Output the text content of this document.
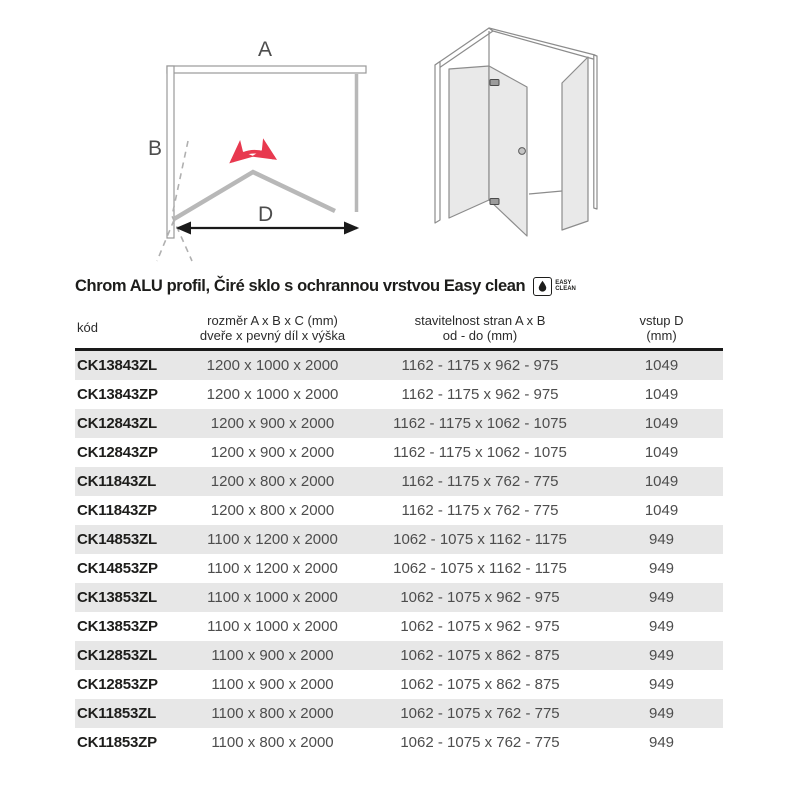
A
B
D
Chrom ALU profil, Čiré sklo s ochrannou vrstvou Easy clean	EASY
CLEAN
kód

rozměr A x B x C (mm)
dveře x pevný díl x výška

stavitelnost stran A x B
od - do (mm)

vstup D
(mm)

CK13843ZL	1200 x 1000 x 2000	1162 - 1175 x 962 - 975	1049
CK13843ZP	1200 x 1000 x 2000	1162 - 1175 x 962 - 975	1049
CK12843ZL	1200 x 900 x 2000	1162 - 1175 x 1062 - 1075	1049
CK12843ZP	1200 x 900 x 2000	1162 - 1175 x 1062 - 1075	1049
CK11843ZL	1200 x 800 x 2000	1162 - 1175 x 762 - 775	1049
CK11843ZP	1200 x 800 x 2000	1162 - 1175 x 762 - 775	1049
CK14853ZL	1100 x 1200 x 2000	1062 - 1075 x 1162 - 1175	949
CK14853ZP	1100 x 1200 x 2000	1062 - 1075 x 1162 - 1175	949
CK13853ZL	1100 x 1000 x 2000	1062 - 1075 x 962 - 975	949
CK13853ZP	1100 x 1000 x 2000	1062 - 1075 x 962 - 975	949
CK12853ZL	1100 x 900 x 2000	1062 - 1075 x 862 - 875	949
CK12853ZP	1100 x 900 x 2000	1062 - 1075 x 862 - 875	949
CK11853ZL	1100 x 800 x 2000	1062 - 1075 x 762 - 775	949
CK11853ZP	1100 x 800 x 2000	1062 - 1075 x 762 - 775	949
